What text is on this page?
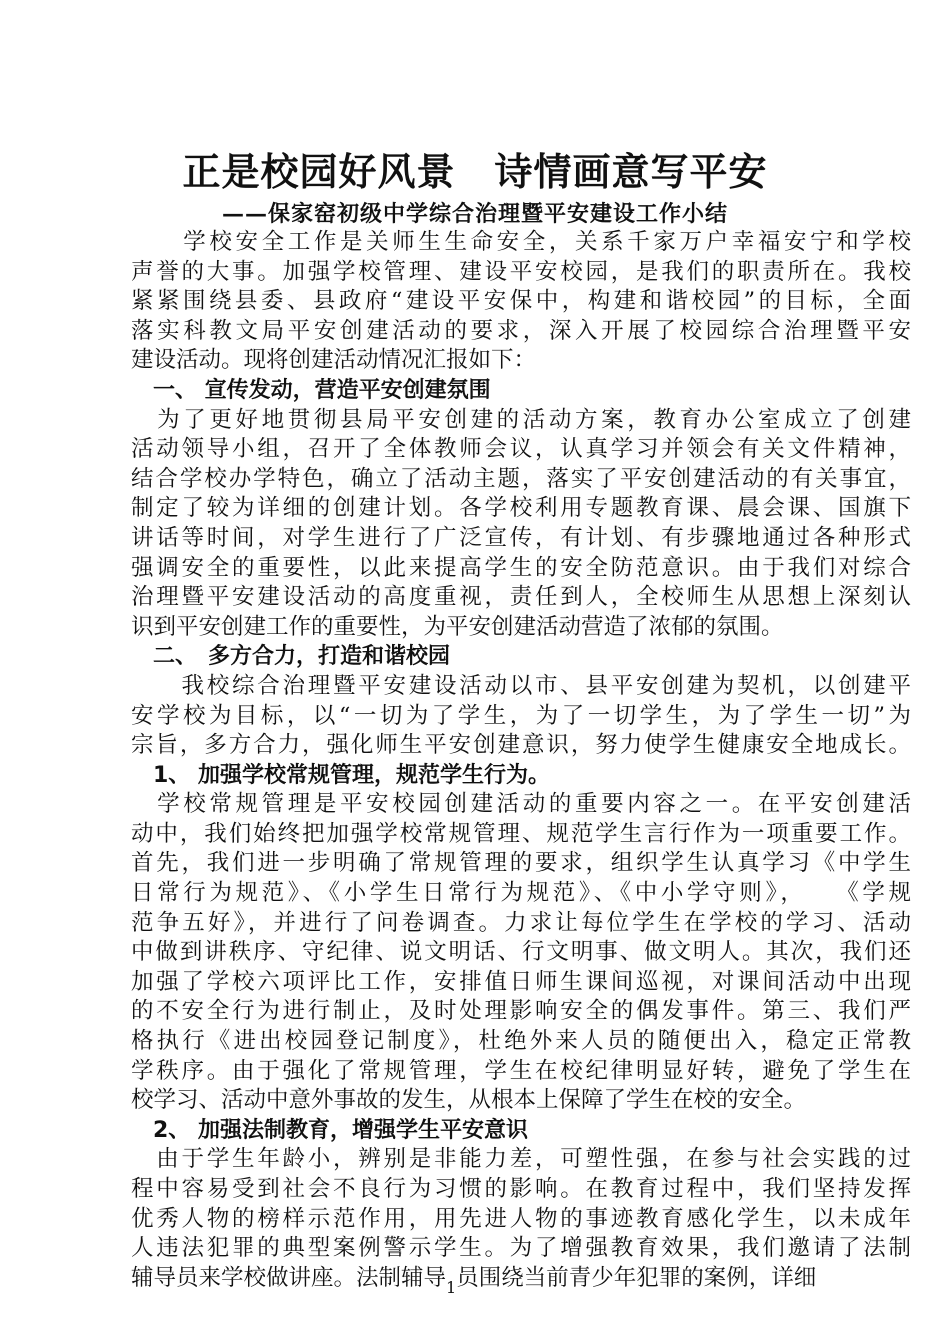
正是校园好风景　诗情画意写平安
——保家窑初级中学综合治理暨平安建设工作小结
　　学校安全工作是关师生生命安全，关系千家万户幸福安宁和学校
声誉的大事。加强学校管理、建设平安校园，是我们的职责所在。我校
紧紧围绕县委、县政府“建设平安保中，构建和谐校园”的目标，全面
落实科教文局平安创建活动的要求，深入开展了校园综合治理暨平安
建设活动。现将创建活动情况汇报如下：
　一、 宣传发动，营造平安创建氛围
　为了更好地贯彻县局平安创建的活动方案，教育办公室成立了创建
活动领导小组，召开了全体教师会议，认真学习并领会有关文件精神，
结合学校办学特色，确立了活动主题，落实了平安创建活动的有关事宜，
制定了较为详细的创建计划。各学校利用专题教育课、晨会课、国旗下
讲话等时间，对学生进行了广泛宣传，有计划、有步骤地通过各种形式
强调安全的重要性，以此来提高学生的安全防范意识。由于我们对综合
治理暨平安建设活动的高度重视，责任到人，全校师生从思想上深刻认
识到平安创建工作的重要性，为平安创建活动营造了浓郁的氛围。
　二、　多方合力，打造和谐校园
　　我校综合治理暨平安建设活动以市、县平安创建为契机，以创建平
安学校为目标，以“一切为了学生，为了一切学生，为了学生一切”为
宗旨，多方合力，强化师生平安创建意识，努力使学生健康安全地成长。
　1、 加强学校常规管理，规范学生行为。
　学校常规管理是平安校园创建活动的重要内容之一。在平安创建活
动中，我们始终把加强学校常规管理、规范学生言行作为一项重要工作。
首先，我们进一步明确了常规管理的要求，组织学生认真学习《中学生
日常行为规范》、《小学生日常行为规范》、《中小学守则》，　　《学规
范争五好》，并进行了问卷调查。力求让每位学生在学校的学习、活动
中做到讲秩序、守纪律、说文明话、行文明事、做文明人。其次，我们还
加强了学校六项评比工作，安排值日师生课间巡视，对课间活动中出现
的不安全行为进行制止，及时处理影响安全的偶发事件。第三、我们严
格执行《进出校园登记制度》，杜绝外来人员的随便出入，稳定正常教
学秩序。由于强化了常规管理，学生在校纪律明显好转，避免了学生在
校学习、活动中意外事故的发生，从根本上保障了学生在校的安全。
　2、 加强法制教育，增强学生平安意识
　由于学生年龄小，辨别是非能力差，可塑性强，在参与社会实践的过
程中容易受到社会不良行为习惯的影响。在教育过程中，我们坚持发挥
优秀人物的榜样示范作用，用先进人物的事迹教育感化学生，以未成年
人违法犯罪的典型案例警示学生。为了增强教育效果，我们邀请了法制
辅导员来学校做讲座。法制辅导$_1$员围绕当前青少年犯罪的案例，详细
